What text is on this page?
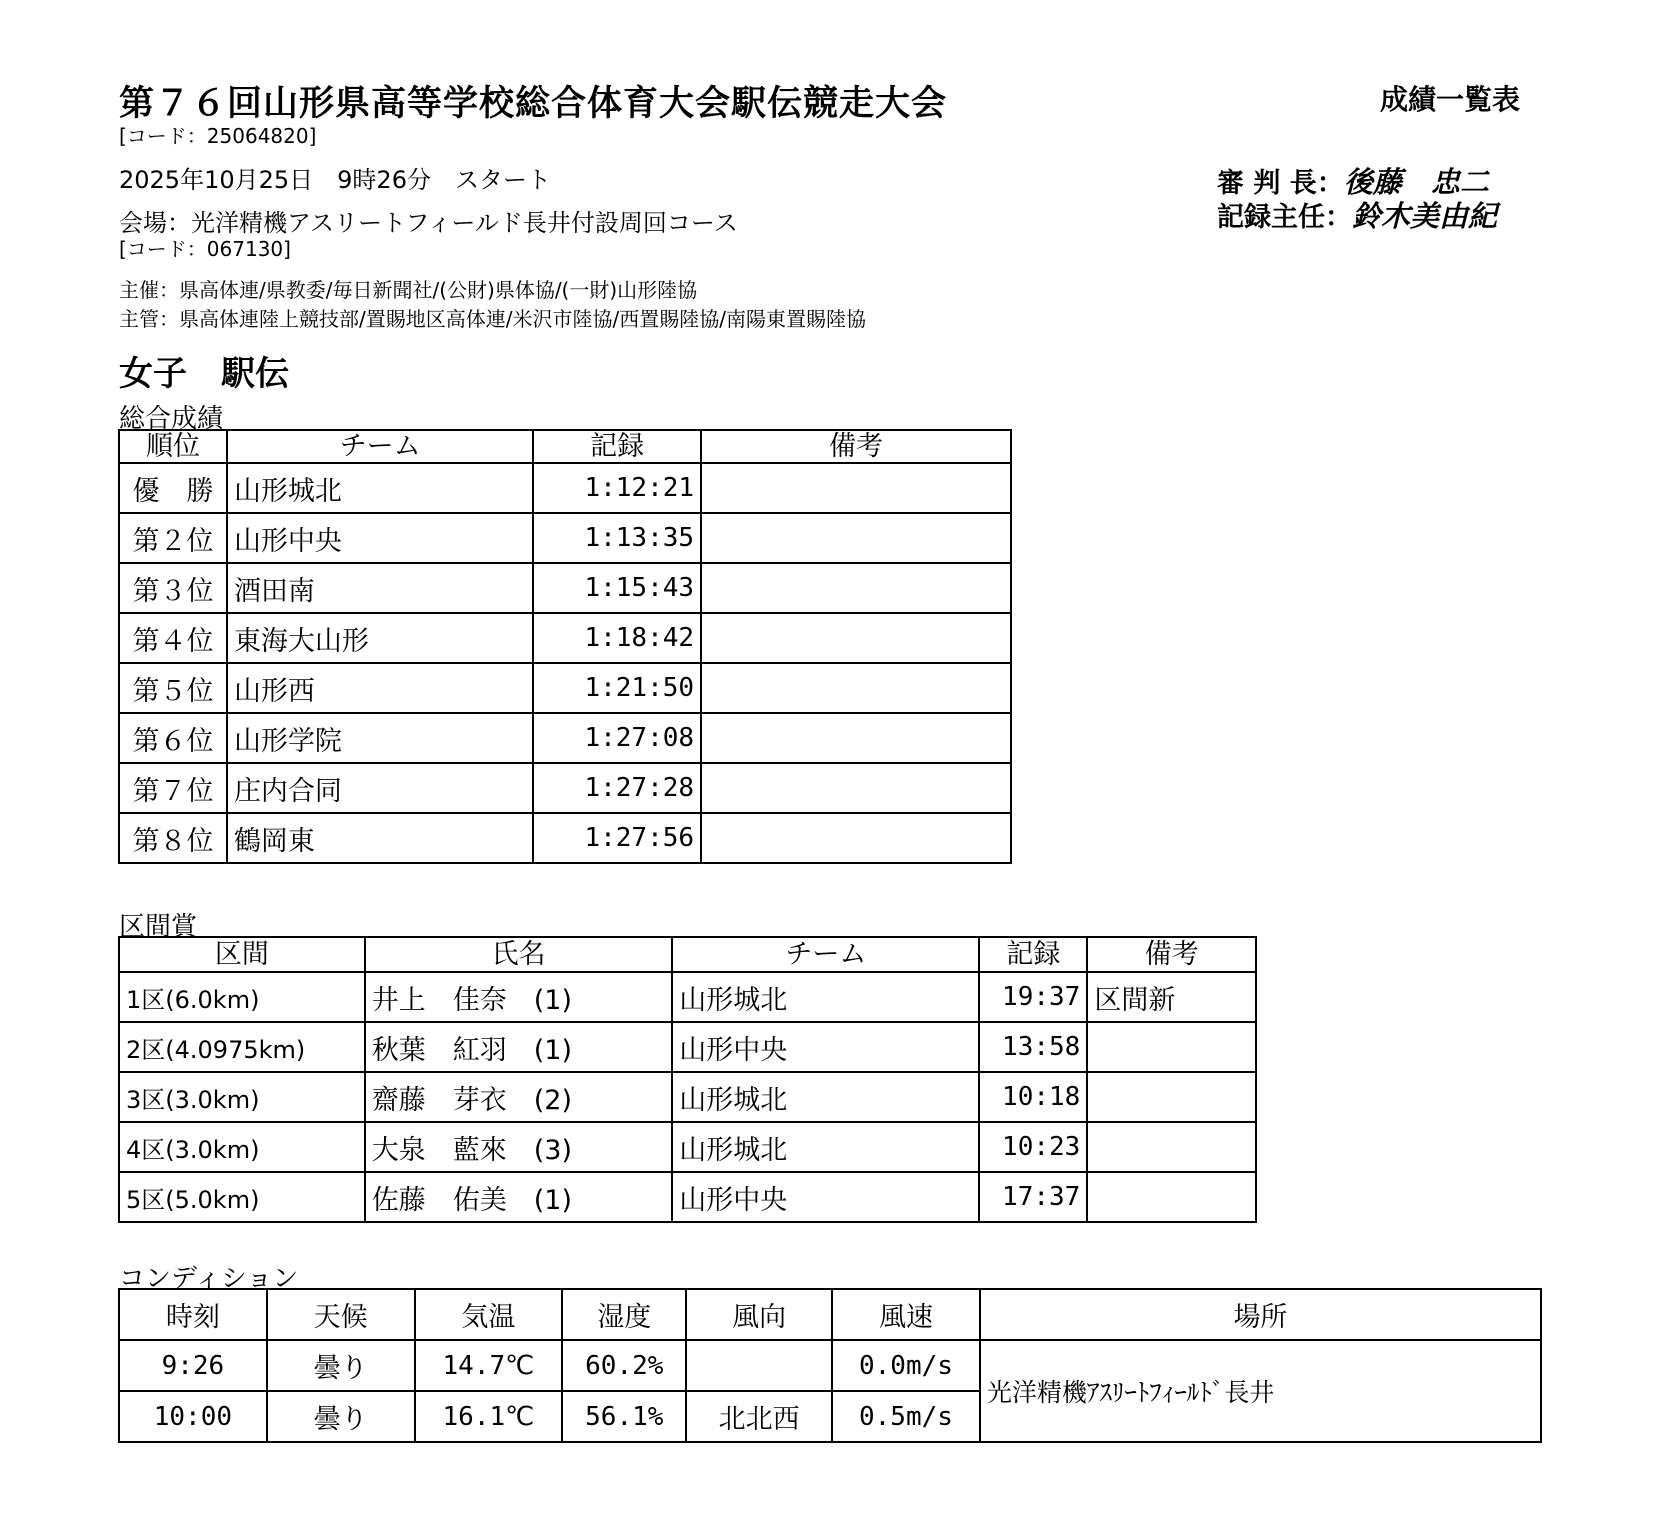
第７６回山形県高等学校総合体育大会駅伝競走大会	成績一覧表
[コード：25064820]
2025年10月25日　9時26分　スタート
会場：光洋精機アスリートフィールド長井付設周回コース
[コード：067130]
主催：県高体連/県教委/毎日新聞社/(公財)県体協/(一財)山形陸協
主管：県高体連陸上競技部/置賜地区高体連/米沢市陸協/西置賜陸協/南陽東置賜陸協
審 判 長：後藤　忠二
記録主任：鈴木美由紀
女子　駅伝
総合成績
順位	チーム	記録	備考
優　勝	山形城北	1:12:21	
第２位	山形中央	1:13:35	
第３位	酒田南	1:15:43	
第４位	東海大山形	1:18:42	
第５位	山形西	1:21:50	
第６位	山形学院	1:27:08	
第７位	庄内合同	1:27:28	
第８位	鶴岡東	1:27:56	
区間賞
区間	氏名	チーム	記録	備考
1区(6.0km)	井上　佳奈　 (1)	山形城北	19:37	区間新
2区(4.0975km)	秋葉　紅羽　 (1)	山形中央	13:58	
3区(3.0km)	齋藤　芽衣　 (2)	山形城北	10:18	
4区(3.0km)	大泉　藍來　 (3)	山形城北	10:23	
5区(5.0km)	佐藤　佑美　 (1)	山形中央	17:37	
コンディション
時刻	天候	気温	湿度	風向	風速	場所
9:26	曇り	14.7℃	60.2%		0.0m/s	光洋精機ｱｽﾘｰﾄﾌｨｰﾙﾄﾞ長井
10:00	曇り	16.1℃	56.1%	北北西	0.5m/s	
